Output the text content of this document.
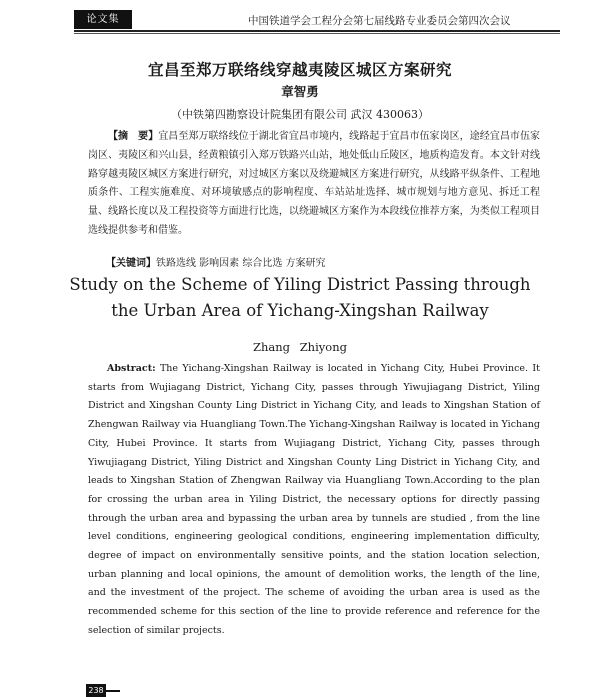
论文集	中国铁道学会工程分会第七届线路专业委员会第四次会议
宜昌至郑万联络线穿越夷陵区城区方案研究
章智勇
（中铁第四勘察设计院集团有限公司 武汉 430063）
【摘　要】宜昌至郑万联络线位于湖北省宜昌市境内，线路起于宜昌市伍家岗区，途经宜昌市伍家岗区、夷陵区和兴山县，经黄粮镇引入郑万铁路兴山站，地处低山丘陵区，地质构造发育。本文针对线路穿越夷陵区城区方案进行研究，对过城区方案以及绕避城区方案进行研究，从线路平纵条件、工程地质条件、工程实施难度、对环境敏感点的影响程度、车站站址选择、城市规划与地方意见、拆迁工程量、线路长度以及工程投资等方面进行比选，以绕避城区方案作为本段线位推荐方案，为类似工程项目选线提供参考和借鉴。
【关键词】铁路选线 影响因素 综合比选 方案研究
Study on the Scheme of Yiling District Passing through the Urban Area of Yichang-Xingshan Railway
Zhang Zhiyong
Abstract: The Yichang-Xingshan Railway is located in Yichang City, Hubei Province. It starts from Wujiagang District, Yichang City, passes through Yiwujiagang District, Yiling District and Xingshan County Ling District in Yichang City, and leads to Xingshan Station of Zhengwan Railway via Huangliang Town.The Yichang-Xingshan Railway is located in Yichang City, Hubei Province. It starts from Wujiagang District, Yichang City, passes through Yiwujiagang District, Yiling District and Xingshan County Ling District in Yichang City, and leads to Xingshan Station of Zhengwan Railway via Huangliang Town.According to the plan for crossing the urban area in Yiling District, the necessary options for directly passing through the urban area and bypassing the urban area by tunnels are studied , from the line level conditions, engineering geological conditions, engineering implementation difficulty, degree of impact on environmentally sensitive points, and the station location selection, urban planning and local opinions, the amount of demolition works, the length of the line, and the investment of the project. The scheme of avoiding the urban area is used as the recommended scheme for this section of the line to provide reference and reference for the selection of similar projects.
238
